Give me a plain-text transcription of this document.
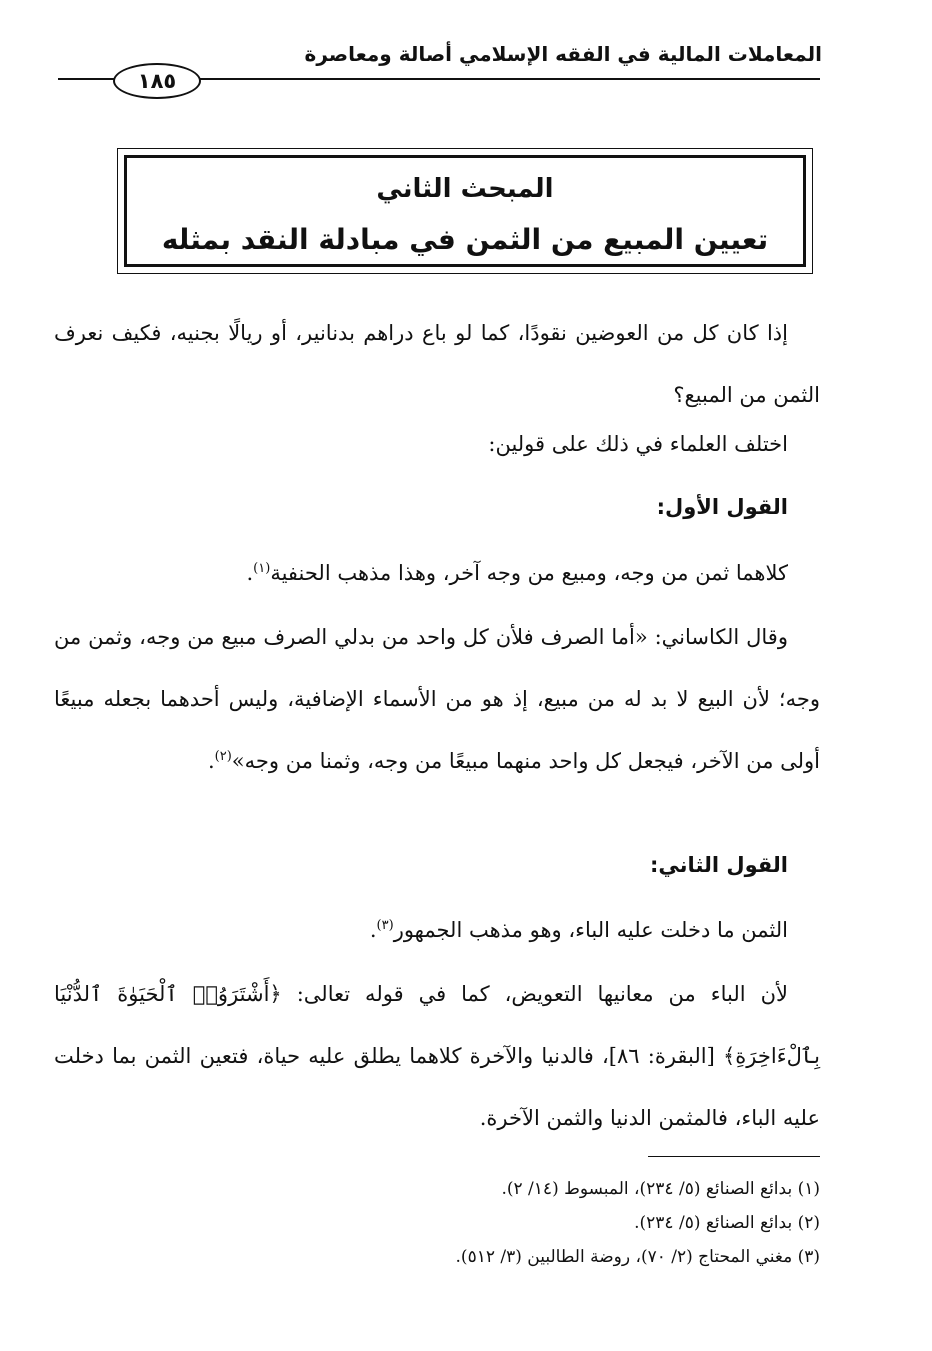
المعاملات المالية في الفقه الإسلامي أصالة ومعاصرة
١٨٥
المبحث الثاني
تعيين المبيع من الثمن في مبادلة النقد بمثله
إذا كان كل من العوضين نقودًا، كما لو باع دراهم بدنانير، أو ريالًا بجنيه، فكيف نعرف الثمن من المبيع؟
اختلف العلماء في ذلك على قولين:
القول الأول:
كلاهما ثمن من وجه، ومبيع من وجه آخر، وهذا مذهب الحنفية$^{(١)}$.
وقال الكاساني: «أما الصرف فلأن كل واحد من بدلي الصرف مبيع من وجه، وثمن من وجه؛ لأن البيع لا بد له من مبيع، إذ هو من الأسماء الإضافية، وليس أحدهما بجعله مبيعًا أولى من الآخر، فيجعل كل واحد منهما مبيعًا من وجه، وثمنا من وجه»$^{(٢)}$.
القول الثاني:
الثمن ما دخلت عليه الباء، وهو مذهب الجمهور$^{(٣)}$.
لأن الباء من معانيها التعويض، كما في قوله تعالى: ﴿أَشْتَرَوُا۟ ٱلْحَيَوٰةَ ٱلدُّنْيَا بِٱلْءَاخِرَةِ﴾ [البقرة: ٨٦]، فالدنيا والآخرة كلاهما يطلق عليه حياة، فتعين الثمن بما دخلت عليه الباء، فالمثمن الدنيا والثمن الآخرة.
(١) بدائع الصنائع (٥/ ٢٣٤)، المبسوط (١٤/ ٢).
(٢) بدائع الصنائع (٥/ ٢٣٤).
(٣) مغني المحتاج (٢/ ٧٠)، روضة الطالبين (٣/ ٥١٢).
